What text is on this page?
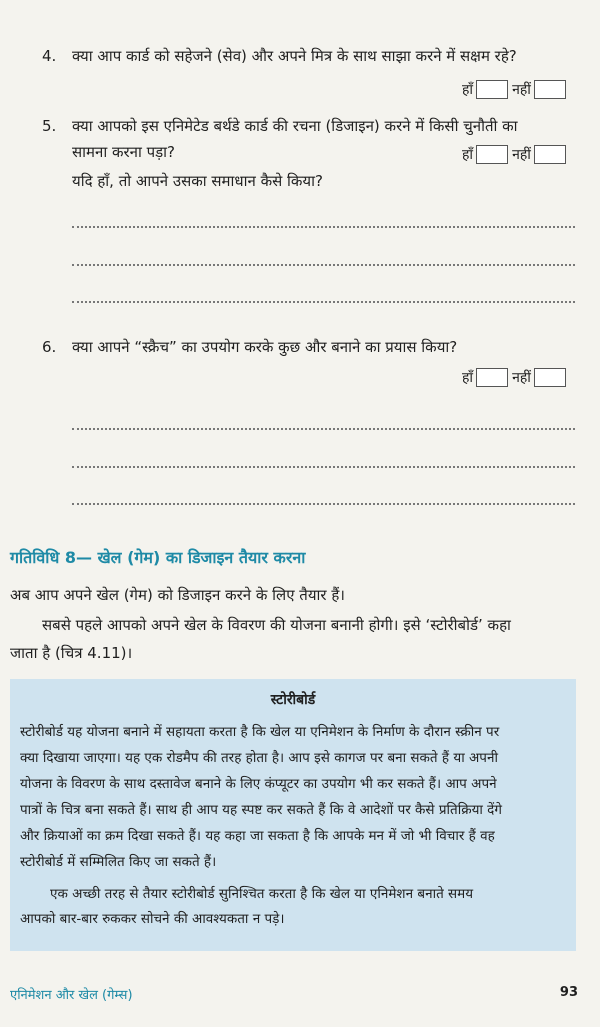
4. क्या आप कार्ड को सहेजने (सेव) और अपने मित्र के साथ साझा करने में सक्षम रहे?
हाँ	नहीं
5. क्या आपको इस एनिमेटेड बर्थडे कार्ड की रचना (डिजाइन) करने में किसी चुनौती का
सामना करना पड़ा?	हाँ	नहीं
यदि हाँ, तो आपने उसका समाधान कैसे किया?
6. क्या आपने “स्क्रैच” का उपयोग करके कुछ और बनाने का प्रयास किया?
हाँ	नहीं
गतिविधि 8— खेल (गेम) का डिजाइन तैयार करना
अब आप अपने खेल (गेम) को डिजाइन करने के लिए तैयार हैं।
सबसे पहले आपको अपने खेल के विवरण की योजना बनानी होगी। इसे ‘स्टोरीबोर्ड’ कहा
जाता है (चित्र 4.11)।
स्टोरीबोर्ड
स्टोरीबोर्ड यह योजना बनाने में सहायता करता है कि खेल या एनिमेशन के निर्माण के दौरान स्क्रीन पर
क्या दिखाया जाएगा। यह एक रोडमैप की तरह होता है। आप इसे कागज पर बना सकते हैं या अपनी
योजना के विवरण के साथ दस्तावेज बनाने के लिए कंप्यूटर का उपयोग भी कर सकते हैं। आप अपने
पात्रों के चित्र बना सकते हैं। साथ ही आप यह स्पष्ट कर सकते हैं कि वे आदेशों पर कैसे प्रतिक्रिया देंगे
और क्रियाओं का क्रम दिखा सकते हैं। यह कहा जा सकता है कि आपके मन में जो भी विचार हैं वह
स्टोरीबोर्ड में सम्मिलित किए जा सकते हैं।
एक अच्छी तरह से तैयार स्टोरीबोर्ड सुनिश्चित करता है कि खेल या एनिमेशन बनाते समय
आपको बार-बार रुककर सोचने की आवश्यकता न पड़े।
एनिमेशन और खेल (गेम्स)	93
